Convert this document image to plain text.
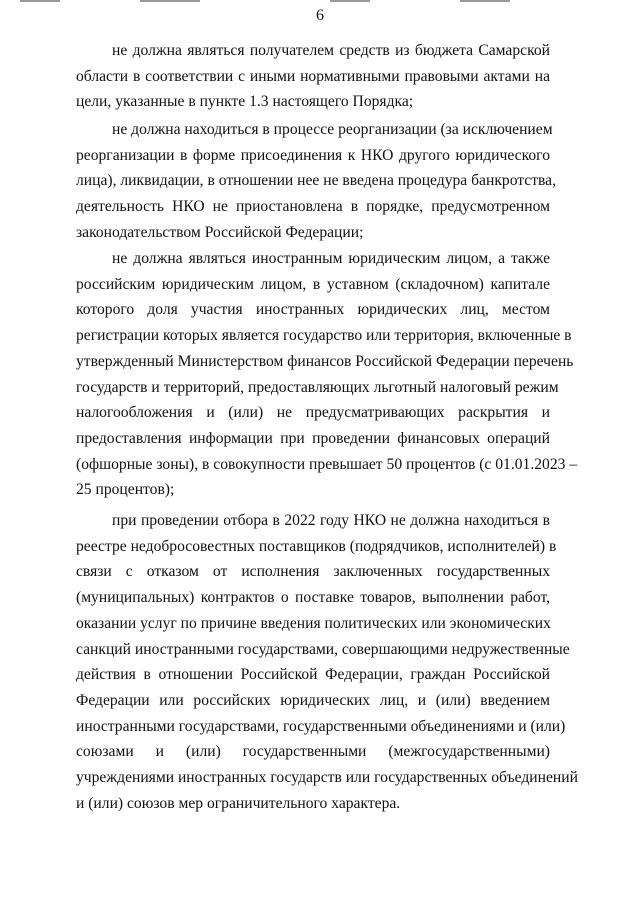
6
не должна являться получателем средств из бюджета Самарской
области в соответствии с иными нормативными правовыми актами на
цели, указанные в пункте 1.3 настоящего Порядка;
не должна находиться в процессе реорганизации (за исключением
реорганизации в форме присоединения к НКО другого юридического
лица), ликвидации, в отношении нее не введена процедура банкротства,
деятельность НКО не приостановлена в порядке, предусмотренном
законодательством Российской Федерации;
не должна являться иностранным юридическим лицом, а также
российским юридическим лицом, в уставном (складочном) капитале
которого доля участия иностранных юридических лиц, местом
регистрации которых является государство или территория, включенные в
утвержденный Министерством финансов Российской Федерации перечень
государств и территорий, предоставляющих льготный налоговый режим
налогообложения и (или) не предусматривающих раскрытия и
предоставления информации при проведении финансовых операций
(офшорные зоны), в совокупности превышает 50 процентов (с 01.01.2023 –
25 процентов);
при проведении отбора в 2022 году НКО не должна находиться в
реестре недобросовестных поставщиков (подрядчиков, исполнителей) в
связи с отказом от исполнения заключенных государственных
(муниципальных) контрактов о поставке товаров, выполнении работ,
оказании услуг по причине введения политических или экономических
санкций иностранными государствами, совершающими недружественные
действия в отношении Российской Федерации, граждан Российской
Федерации или российских юридических лиц, и (или) введением
иностранными государствами, государственными объединениями и (или)
союзами и (или) государственными (межгосударственными)
учреждениями иностранных государств или государственных объединений
и (или) союзов мер ограничительного характера.
